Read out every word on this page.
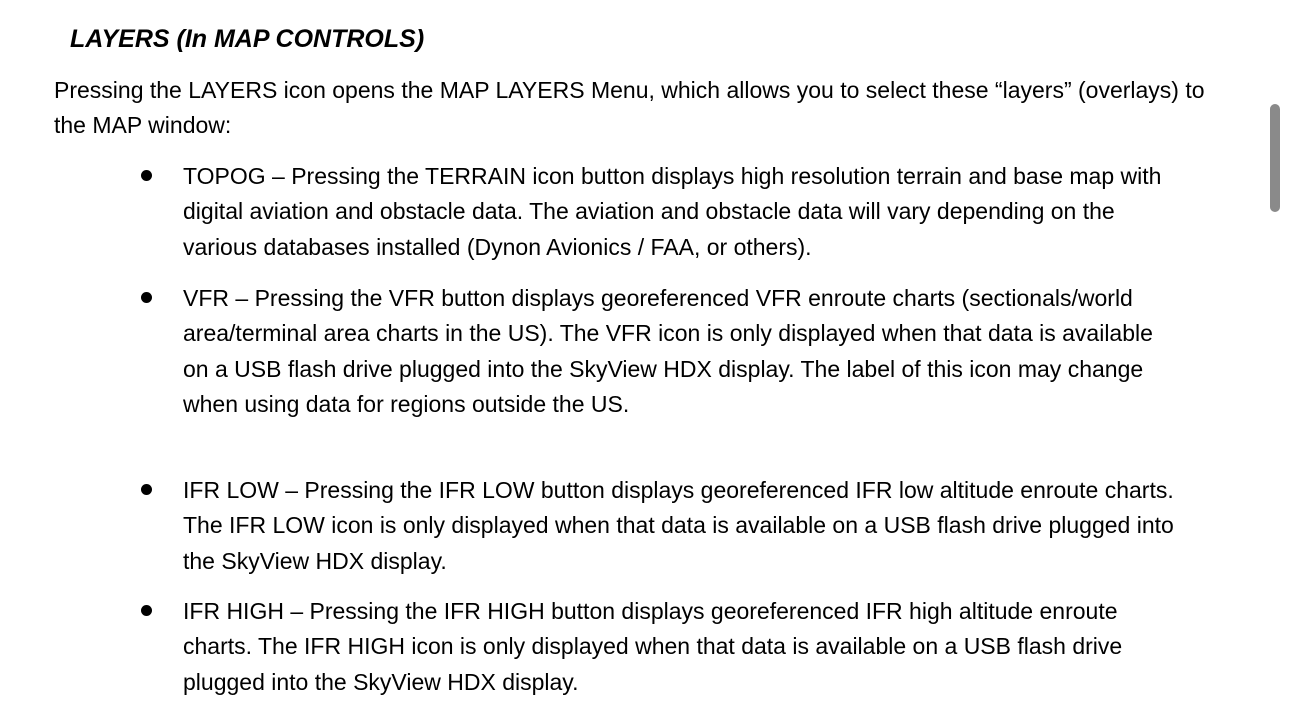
LAYERS (In MAP CONTROLS)

Pressing the LAYERS icon opens the MAP LAYERS Menu, which allows you to select these “layers” (overlays) to the MAP window:

TOPOG – Pressing the TERRAIN icon button displays high resolution terrain and base map with digital aviation and obstacle data. The aviation and obstacle data will vary depending on the various databases installed (Dynon Avionics / FAA, or others).

VFR – Pressing the VFR button displays georeferenced VFR enroute charts (sectionals/world area/terminal area charts in the US). The VFR icon is only displayed when that data is available on a USB flash drive plugged into the SkyView HDX display. The label of this icon may change when using data for regions outside the US.

IFR LOW – Pressing the IFR LOW button displays georeferenced IFR low altitude enroute charts. The IFR LOW icon is only displayed when that data is available on a USB flash drive plugged into the SkyView HDX display.

IFR HIGH – Pressing the IFR HIGH button displays georeferenced IFR high altitude enroute charts. The IFR HIGH icon is only displayed when that data is available on a USB flash drive plugged into the SkyView HDX display.
